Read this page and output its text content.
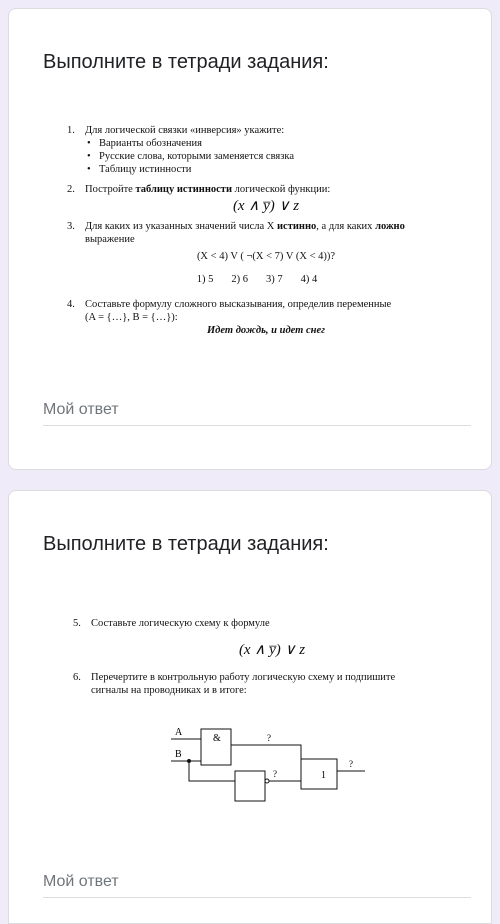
Выполните в тетради задания:
1. Для логической связки «инверсия» укажите:
• Варианты обозначения
• Русские слова, которыми заменяется связка
• Таблицу истинности
2. Постройте таблицу истинности логической функции:
(x ∧ y̅) ∨ z
3. Для каких из указанных значений числа X истинно, а для каких ложно
выражение
(X < 4) V ( ¬(X < 7) V (X < 4))?
1) 5 2) 6 3) 7 4) 4
4. Составьте формулу сложного высказывания, определив переменные
(A = {…}, B = {…}):
Идет дождь, и идет снег
Мой ответ
Выполните в тетради задания:
5. Составьте логическую схему к формуле
(x ∧ y̅) ∨ z
6. Перечертите в контрольную работу логическую схему и подпишите
сигналы на проводниках и в итоге:
A
B
&	?
?	1
?
Мой ответ
